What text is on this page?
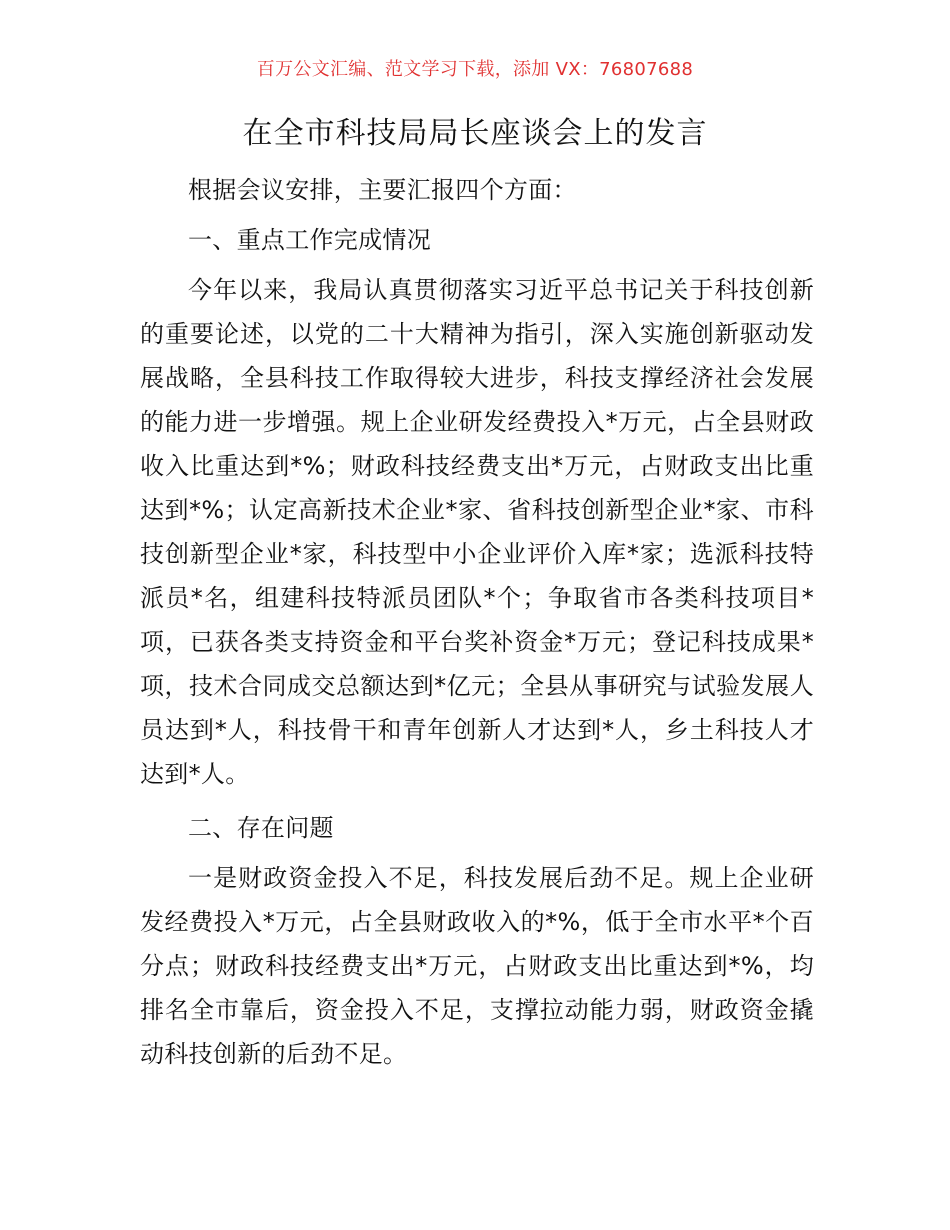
百万公文汇编、范文学习下载，添加 VX：76807688
在全市科技局局长座谈会上的发言

根据会议安排，主要汇报四个方面：

一、重点工作完成情况

今年以来，我局认真贯彻落实习近平总书记关于科技创新的重要论述，以党的二十大精神为指引，深入实施创新驱动发展战略，全县科技工作取得较大进步，科技支撑经济社会发展的能力进一步增强。规上企业研发经费投入*万元，占全县财政收入比重达到*%；财政科技经费支出*万元，占财政支出比重达到*%；认定高新技术企业*家、省科技创新型企业*家、市科技创新型企业*家，科技型中小企业评价入库*家；选派科技特派员*名，组建科技特派员团队*个；争取省市各类科技项目*项，已获各类支持资金和平台奖补资金*万元；登记科技成果*项，技术合同成交总额达到*亿元；全县从事研究与试验发展人员达到*人，科技骨干和青年创新人才达到*人，乡土科技人才达到*人。

二、存在问题

一是财政资金投入不足，科技发展后劲不足。规上企业研发经费投入*万元，占全县财政收入的*%，低于全市水平*个百分点；财政科技经费支出*万元，占财政支出比重达到*%，均排名全市靠后，资金投入不足，支撑拉动能力弱，财政资金撬动科技创新的后劲不足。
